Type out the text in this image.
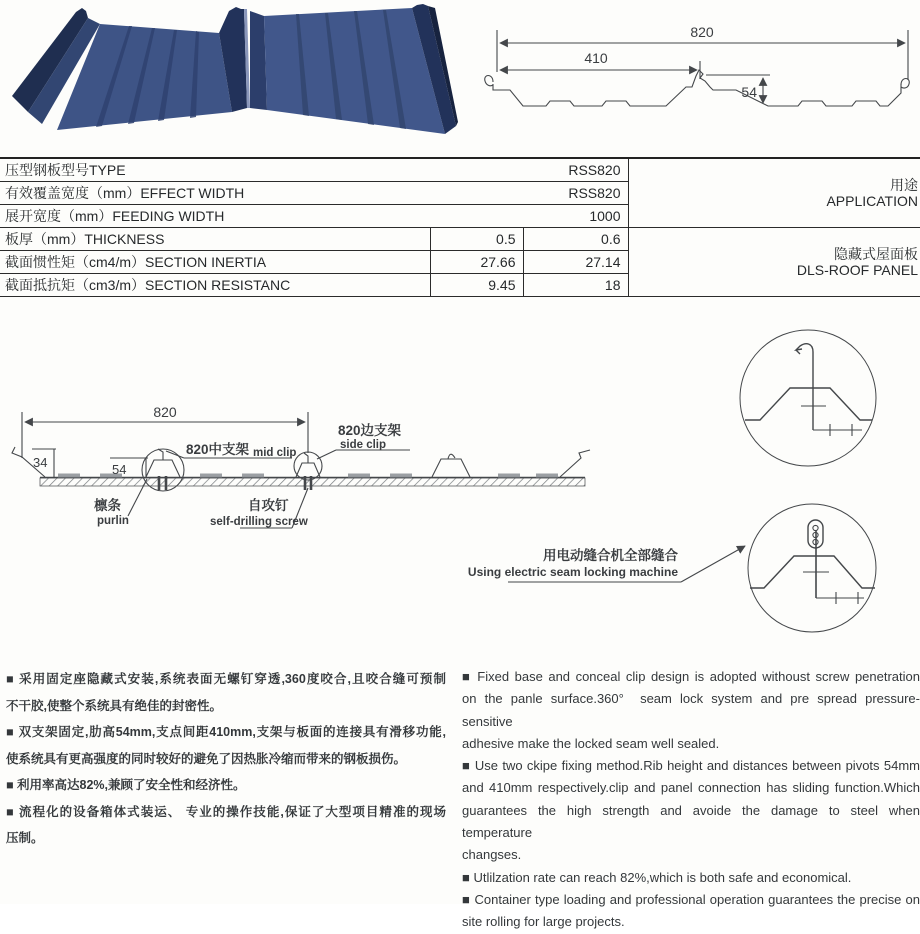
820
410
54
压型钢板型号TYPE	RSS820		用途
APPLICATION

有效覆盖宽度（mm）EFFECT WIDTH	RSS820		
展开宽度（mm）FEEDING WIDTH	1000		
板厚（mm）THICKNESS	0.5	0.6	隐藏式屋面板
DLS-ROOF PANEL

截面惯性矩（cm4/m）SECTION INERTIA	27.66	27.14	
截面抵抗矩（cm3/m）SECTION RESISTANC	9.45	18	
820
34	54
820中支架 mid clip
820边支架
side clip
檩条
purlin
自攻钉
self-drilling screw
用电动缝合机全部缝合
Using electric seam locking machine
■ 采用固定座隐藏式安装,系统表面无螺钉穿透,360度咬合,且咬合缝可预制
不干胶,使整个系统具有绝佳的封密性。
■ 双支架固定,肋高54mm,支点间距410mm,支架与板面的连接具有滑移功能,
使系统具有更高强度的同时较好的避免了因热胀冷缩而带来的钢板损伤。
■ 利用率高达82%,兼顾了安全性和经济性。
■ 流程化的设备箱体式装运、 专业的操作技能,保证了大型项目精准的现场
压制。
■ Fixed base and conceal clip design is adopted withoust screw penetration
on the panle surface.360°  seam lock system and pre spread pressure-sensitive
adhesive make the locked seam well sealed.
■ Use two ckipe fixing method.Rib height and distances between pivots 54mm
and 410mm respectively.clip and panel connection has sliding function.Which
guarantees the high strength and avoide the damage to steel when temperature
changses.
■ Utlilzation rate can reach 82%,which is both safe and economical.
■ Container type loading and professional operation guarantees the precise on
site rolling for large projects.
